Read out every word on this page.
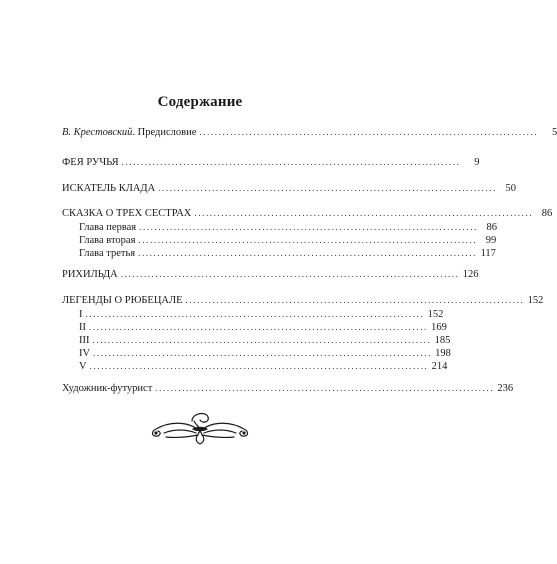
Содержание
В. Крестовский. Предисловие ........................................................................................	5
ФЕЯ РУЧЬЯ ........................................................................................	9
ИСКАТЕЛЬ КЛАДА ........................................................................................ 50
СКАЗКА О ТРЕХ СЕСТРАХ ........................................................................................ 86
Глава первая ........................................................................................ 86
Глава вторая ........................................................................................ 99
Глава третья ........................................................................................ 117
РИХИЛЬДА ........................................................................................ 126
ЛЕГЕНДЫ О РЮБЕЦАЛЕ ........................................................................................ 152
I ........................................................................................ 152
II ........................................................................................ 169
III ........................................................................................ 185
IV ........................................................................................ 198
V ........................................................................................ 214
Художник-футурист ........................................................................................ 236
